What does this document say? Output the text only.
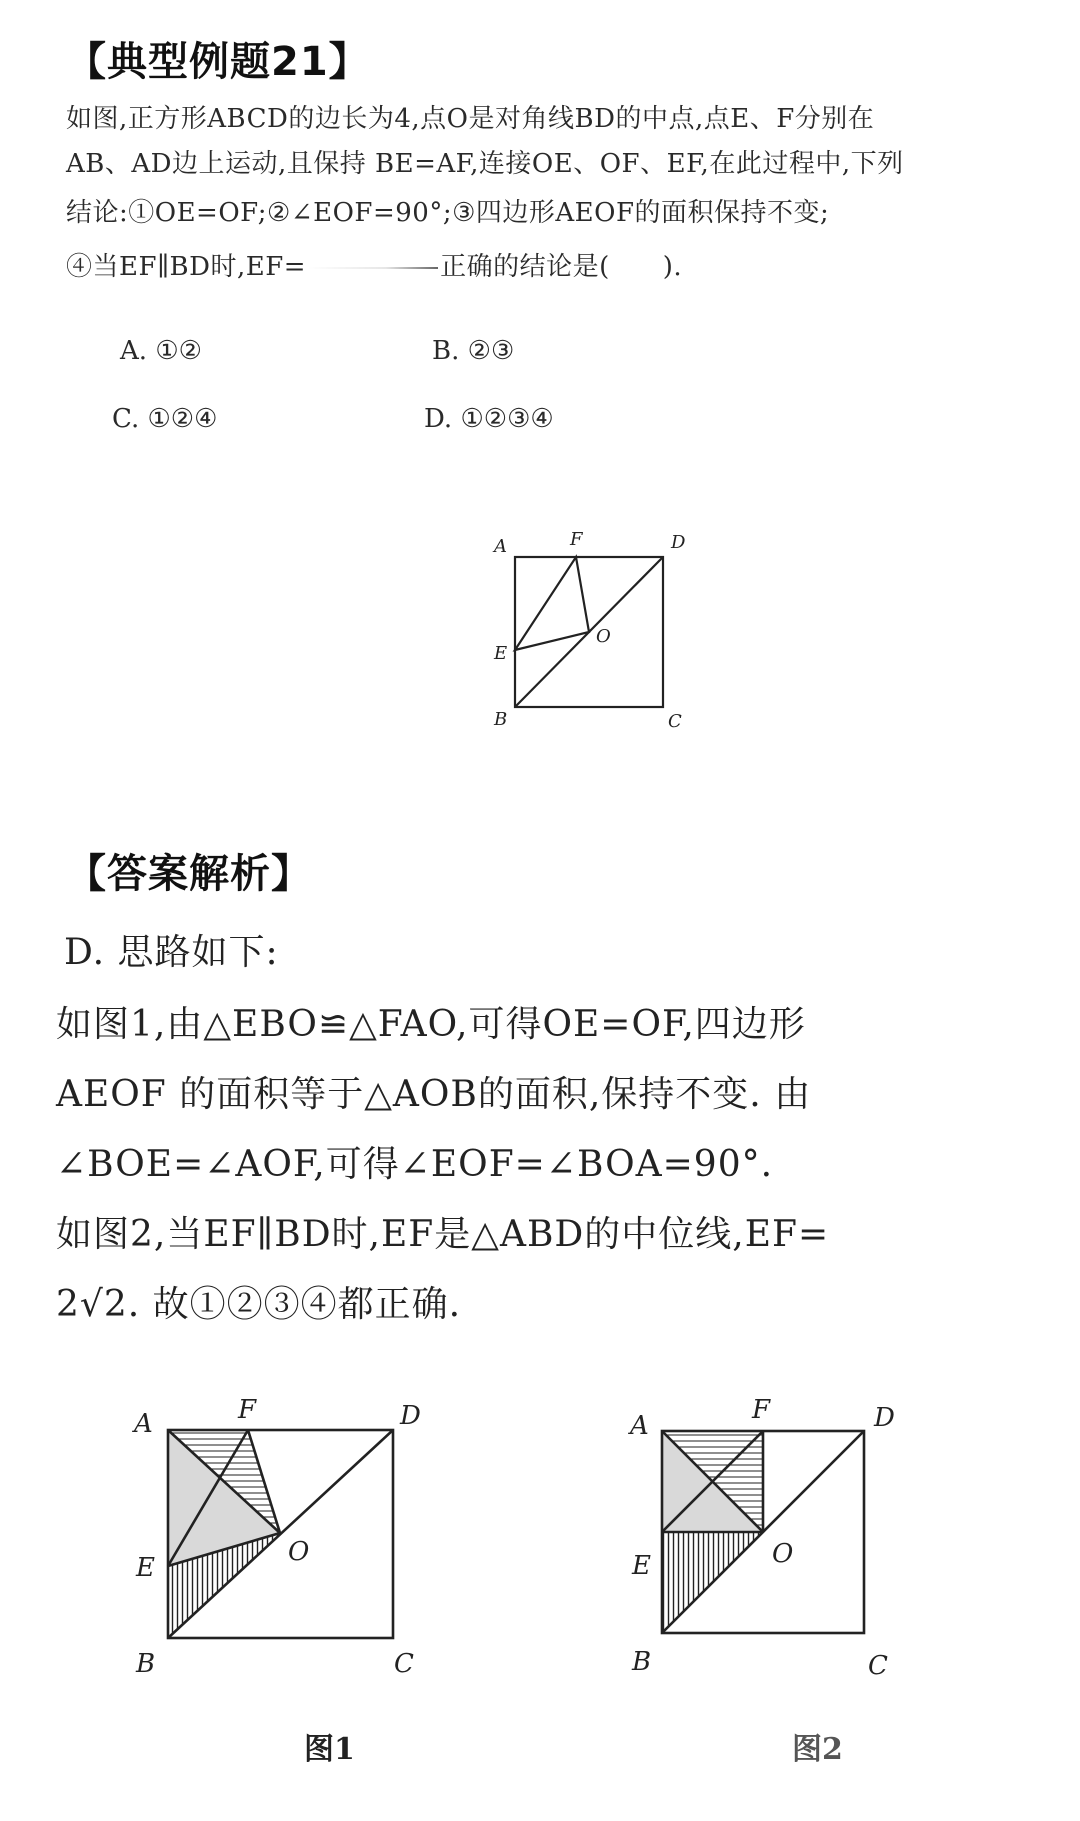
【典型例题21】
如图,正方形ABCD的边长为4,点O是对角线BD的中点,点E、F分别在
AB、AD边上运动,且保持 BE=AF,连接OE、OF、EF,在此过程中,下列
结论:①OE=OF;②∠EOF=90°;③四边形AEOF的面积保持不变;
④当EF∥BD时,EF=	正确的结论是(　　).
A. ①②	B. ②③
C. ①②④	D. ①②③④
A	F	D
E
O
B	C
【答案解析】
D. 思路如下:
如图1,由△EBO≌△FAO,可得OE=OF,四边形
AEOF 的面积等于△AOB的面积,保持不变. 由
∠BOE=∠AOF,可得∠EOF=∠BOA=90°.
如图2,当EF∥BD时,EF是△ABD的中位线,EF=
2√2. 故①②③④都正确.
A	F	D
E
O
B	C
图1
A
F	D
E	O
B	C
图2
